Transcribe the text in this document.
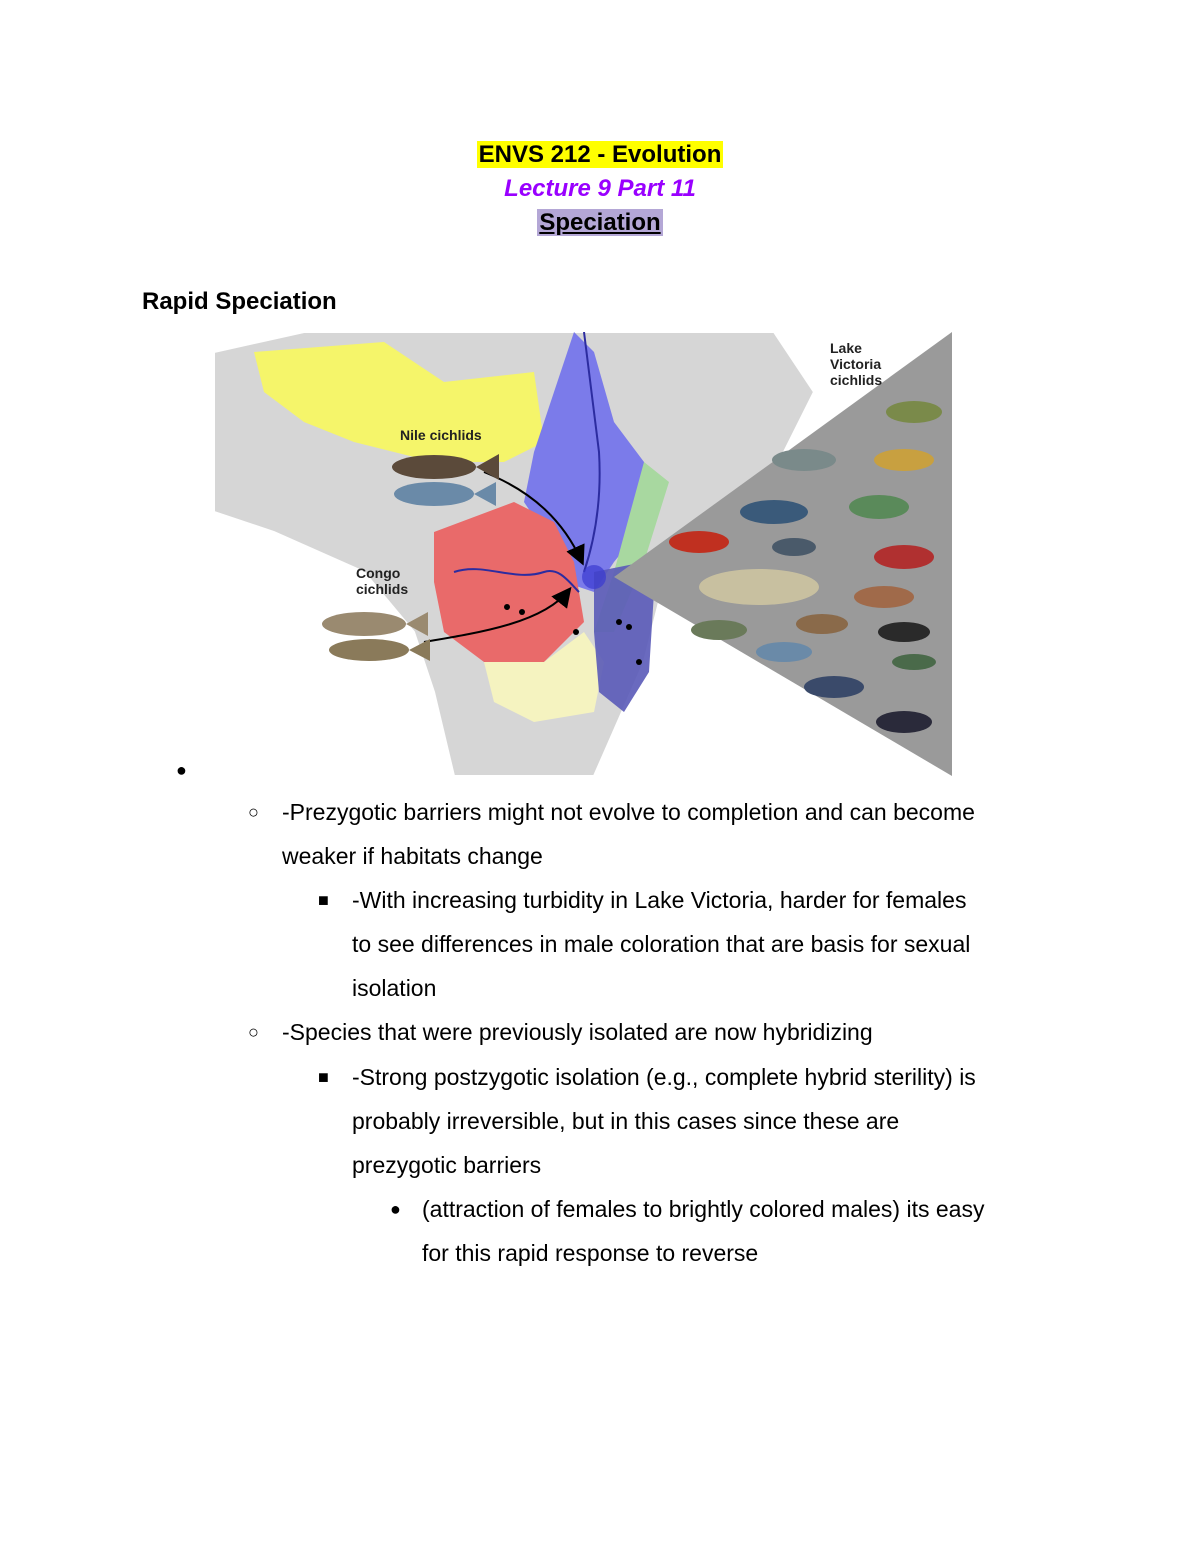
ENVS 212 - Evolution
Lecture 9 Part 11
Speciation
Rapid Speciation
Nile cichlids
Congo
cichlids
Lake
Victoria
cichlids
●
○ -Prezygotic barriers might not evolve to completion and can become
weaker if habitats change
■ -With increasing turbidity in Lake Victoria, harder for females
to see differences in male coloration that are basis for sexual
isolation
○ -Species that were previously isolated are now hybridizing
■ -Strong postzygotic isolation (e.g., complete hybrid sterility) is
probably irreversible, but in this cases since these are
prezygotic barriers
● (attraction of females to brightly colored males) its easy
for this rapid response to reverse
